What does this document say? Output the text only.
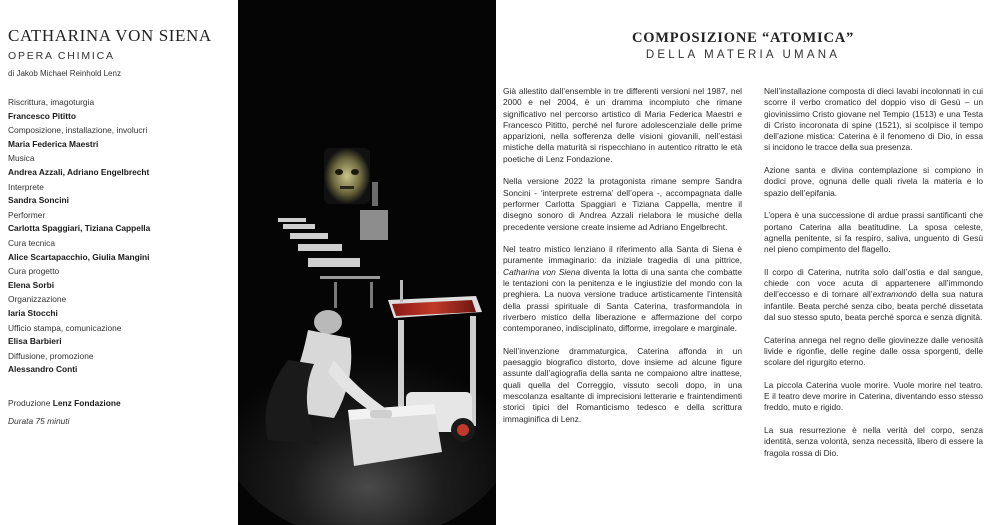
CATHARINA VON SIENA
OPERA CHIMICA
di Jakob Michael Reinhold Lenz
Riscrittura, imagoturgia
Francesco Pititto
Composizione, installazione, involucri
Maria Federica Maestri
Musica
Andrea Azzali, Adriano Engelbrecht
Interprete
Sandra Soncini
Performer
Carlotta Spaggiari, Tiziana Cappella
Cura tecnica
Alice Scartapacchio, Giulia Mangini
Cura progetto
Elena Sorbi
Organizzazione
Iaria Stocchi
Ufficio stampa, comunicazione
Elisa Barbieri
Diffusione, promozione
Alessandro Conti
Produzione Lenz Fondazione
Durata 75 minuti
COMPOSIZIONE “ATOMICA”
DELLA MATERIA UMANA

Già allestito dall’ensemble in tre differenti versioni nel 1987, nel 2000 e nel 2004, è un dramma incompiuto che rimane significativo nel percorso artistico di Maria Federica Maestri e Francesco Pititto, perché nel furore adolescenziale delle prime apparizioni, nella sofferenza delle visioni giovanili, nell’estasi mistiche della maturità si rispecchiano in autentico ritratto le età poetiche di Lenz Fondazione.

Nella versione 2022 la protagonista rimane sempre Sandra Soncini - ‘interprete estrema’ dell’opera -, accompagnata dalle performer Carlotta Spaggiari e Tiziana Cappella, mentre il disegno sonoro di Andrea Azzali rielabora le musiche della precedente versione create insieme ad Adriano Engelbrecht.

Nel teatro mistico lenziano il riferimento alla Santa di Siena è puramente immaginario: da iniziale tragedia di una pittrice, Catharina von Siena diventa la lotta di una santa che combatte le tentazioni con la penitenza e le ingiustizie del mondo con la preghiera. La nuova versione traduce artisticamente l’intensità della prassi spirituale di Santa Caterina, trasformandola in riverbero mistico della liberazione e affermazione del corpo contemporaneo, indisciplinato, difforme, irregolare e marginale.

Nell’invenzione drammaturgica, Caterina affonda in un paesaggio biografico distorto, dove insieme ad alcune figure assunte dall’agiografia della santa ne compaiono altre inattese, quali quella del Correggio, vissuto secoli dopo, in una mescolanza esaltante di imprecisioni letterarie e fraintendimenti storici tipici del Romanticismo tedesco e della scrittura immaginifica di Lenz.

Nell’installazione composta di dieci lavabi incolonnati in cui scorre il verbo cromatico del doppio viso di Gesù – un giovinissimo Cristo giovane nel Tempio (1513) e una Testa di Cristo incoronata di spine (1521), si scolpisce il tempo dell’azione mistica: Caterina è il fenomeno di Dio, in essa si incidono le tracce della sua presenza.

Azione santa e divina contemplazione si compiono in dodici prove, ognuna delle quali rivela la materia e lo spazio dell’epifania.

L’opera è una successione di ardue prassi santificanti che portano Caterina alla beatitudine. La sposa celeste, agnella penitente, si fa respiro, saliva, unguento di Gesù nel pieno compimento del flagello.

Il corpo di Caterina, nutrita solo dall’ostia e dal sangue, chiede con voce acuta di appartenere all’immondo dell’eccesso e di tornare all’extramondo della sua natura infantile. Beata perché senza cibo, beata perché dissetata dal suo stesso sputo, beata perché sporca e senza dignità.

Caterina annega nel regno delle giovinezze dalle venosità livide e rigonfie, delle regine dalle ossa sporgenti, delle scolare del rigurgito eterno.

La piccola Caterina vuole morire. Vuole morire nel teatro. E il teatro deve morire in Caterina, diventando esso stesso freddo, muto e rigido.

La sua resurrezione è nella verità del corpo, senza identità, senza volontà, senza necessità, libero di essere la fragola rossa di Dio.
